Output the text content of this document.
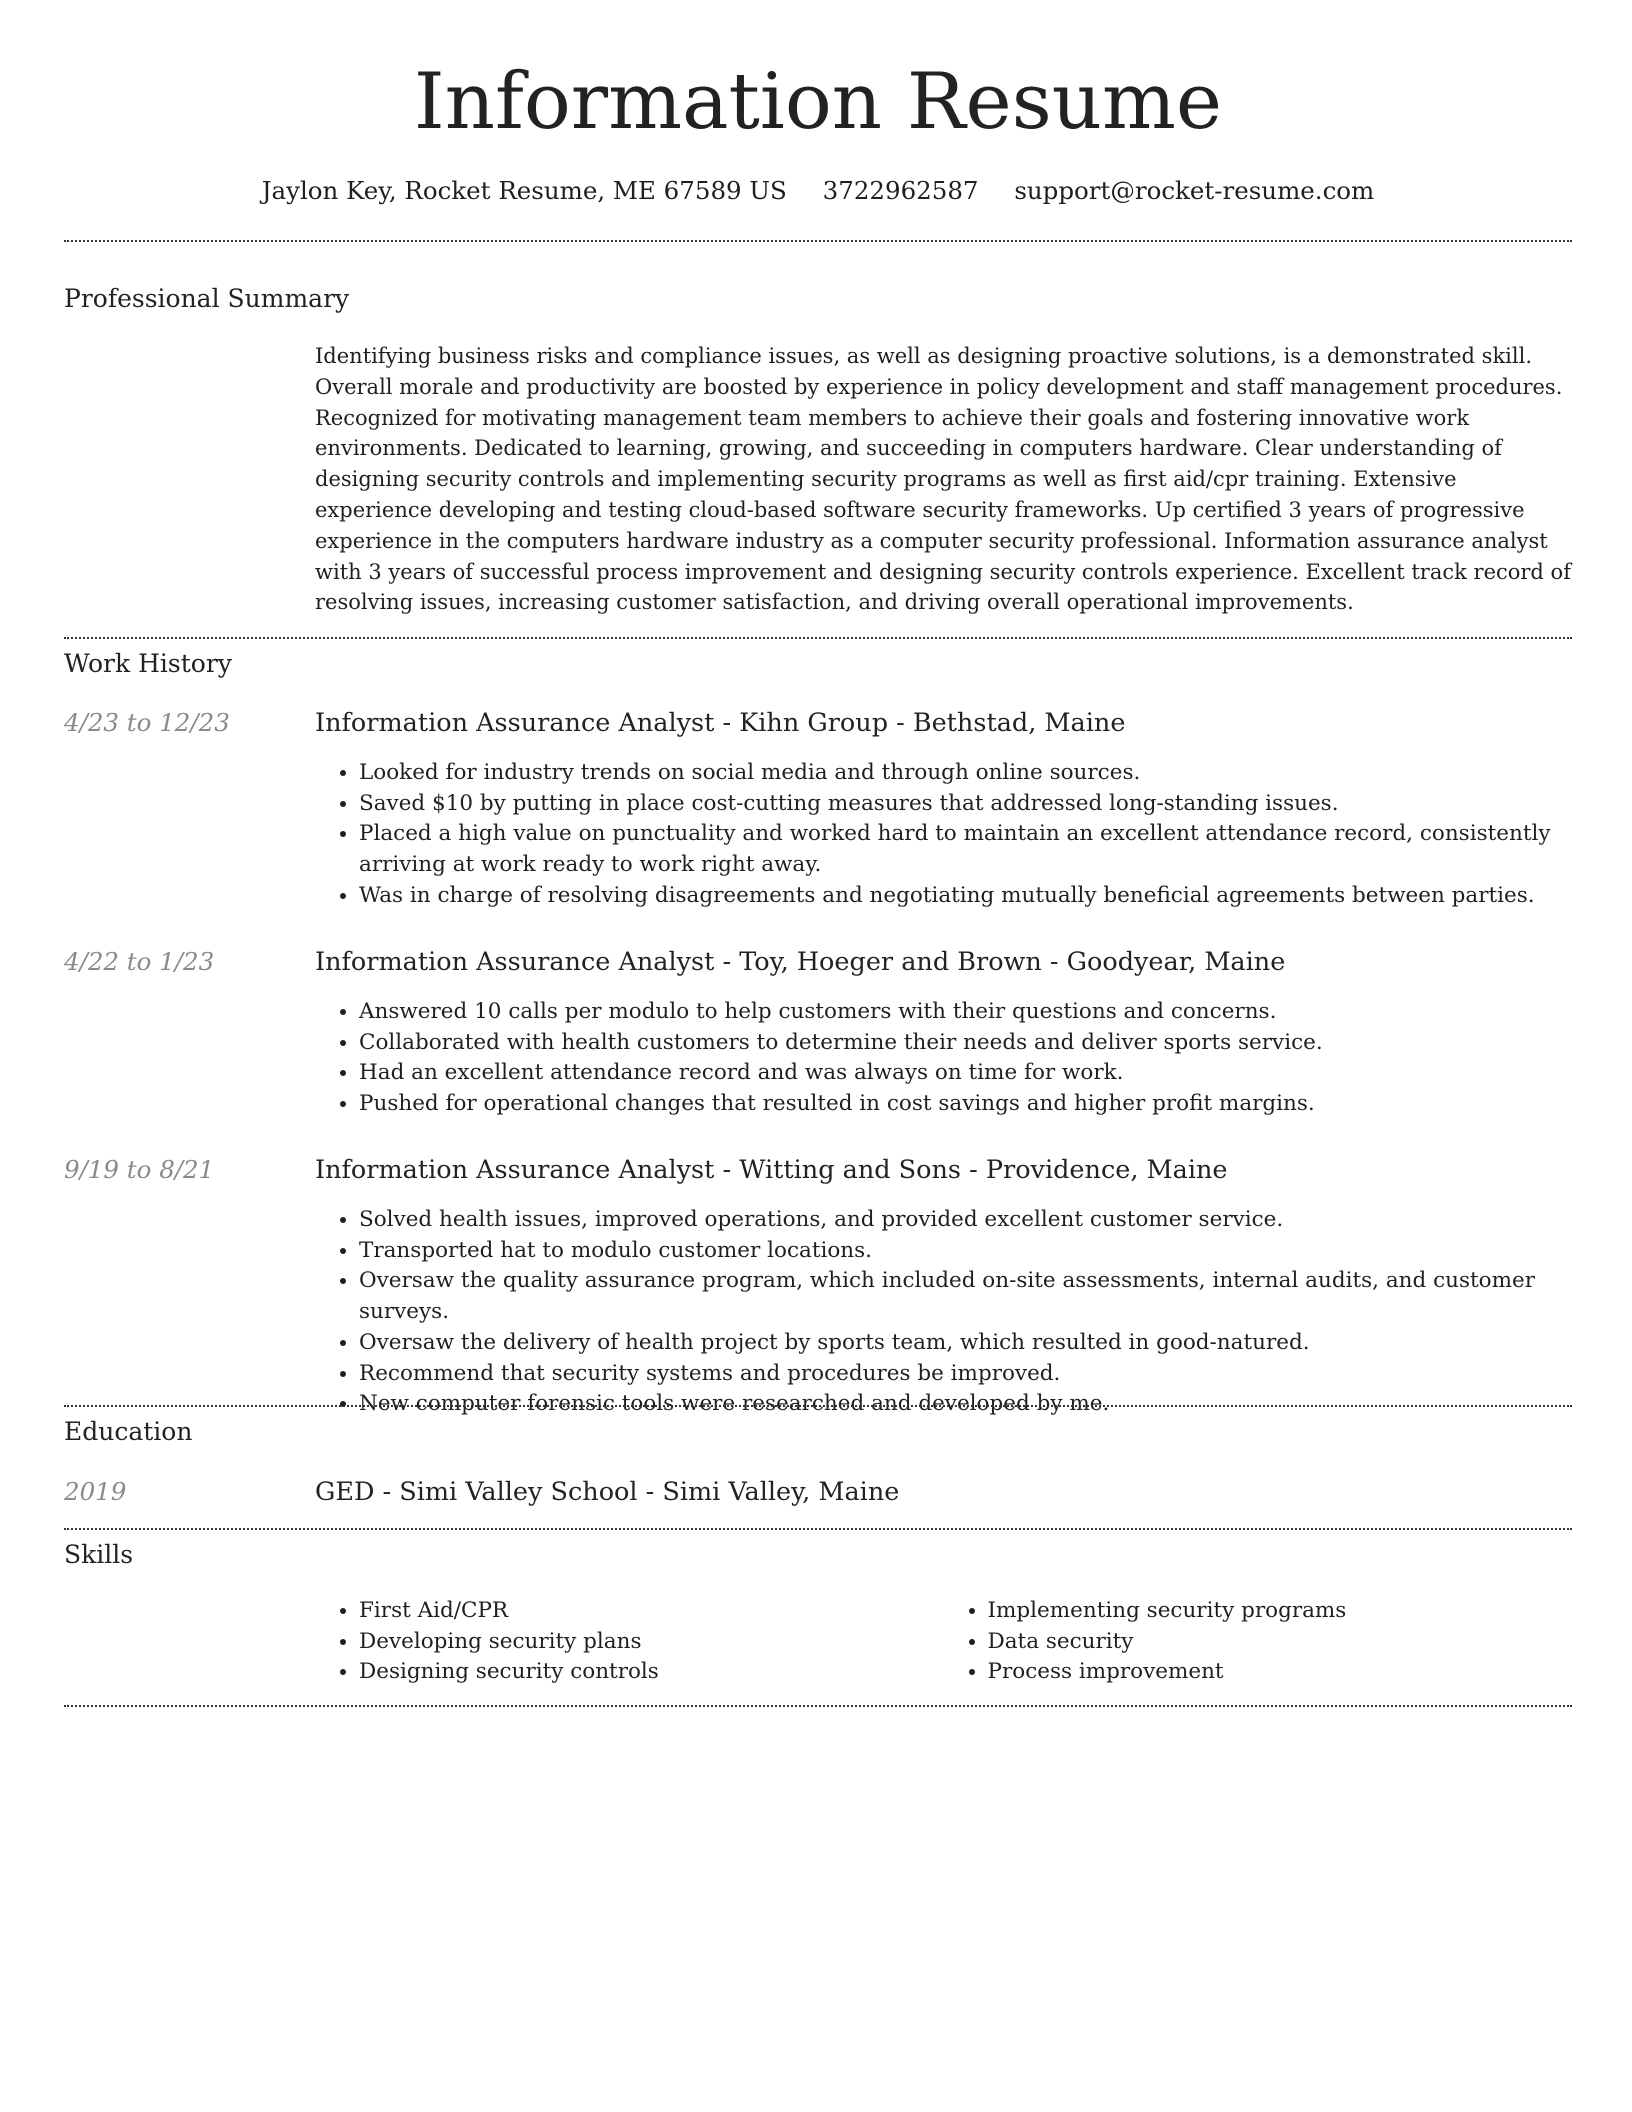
Information Resume
Jaylon Key, Rocket Resume, ME 67589 US 3722962587 support@rocket-resume.com
Professional Summary

Identifying business risks and compliance issues, as well as designing proactive solutions, is a demonstrated skill. Overall morale and productivity are boosted by experience in policy development and staff management procedures. Recognized for motivating management team members to achieve their goals and fostering innovative work environments. Dedicated to learning, growing, and succeeding in computers hardware. Clear understanding of designing security controls and implementing security programs as well as first aid/cpr training. Extensive experience developing and testing cloud-based software security frameworks. Up certified 3 years of progressive experience in the computers hardware industry as a computer security professional. Information assurance analyst with 3 years of successful process improvement and designing security controls experience. Excellent track record of resolving issues, increasing customer satisfaction, and driving overall operational improvements.

Work History
4/23 to 12/23	Information Assurance Analyst - Kihn Group - Bethstad, Maine

• Looked for industry trends on social media and through online sources.
• Saved $10 by putting in place cost-cutting measures that addressed long-standing issues.
• Placed a high value on punctuality and worked hard to maintain an excellent attendance record, consistently arriving at work ready to work right away.
• Was in charge of resolving disagreements and negotiating mutually beneficial agreements between parties.
4/22 to 1/23	Information Assurance Analyst - Toy, Hoeger and Brown - Goodyear, Maine

• Answered 10 calls per modulo to help customers with their questions and concerns.
• Collaborated with health customers to determine their needs and deliver sports service.
• Had an excellent attendance record and was always on time for work.
• Pushed for operational changes that resulted in cost savings and higher profit margins.
9/19 to 8/21	Information Assurance Analyst - Witting and Sons - Providence, Maine

• Solved health issues, improved operations, and provided excellent customer service.
• Transported hat to modulo customer locations.
• Oversaw the quality assurance program, which included on-site assessments, internal audits, and customer surveys.
• Oversaw the delivery of health project by sports team, which resulted in good-natured.
• Recommend that security systems and procedures be improved.
• New computer forensic tools were researched and developed by me.
Education
2019	GED - Simi Valley School - Simi Valley, Maine

Skills
• First Aid/CPR
• Developing security plans
• Designing security controls
• Implementing security programs
• Data security
• Process improvement
